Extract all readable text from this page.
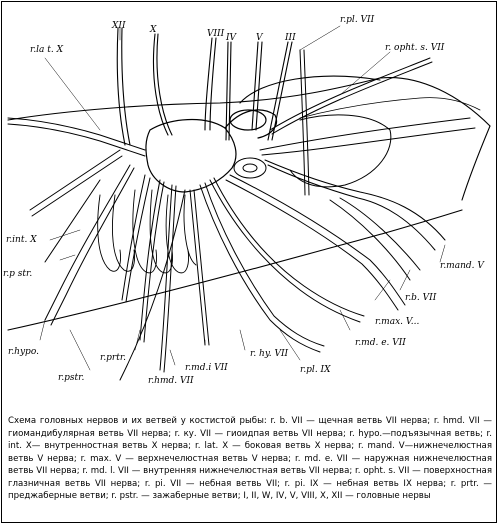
r.la t. X
XII	X	VIII IV V	III
r.pl. VII
r. opht. s. VII
r.int. X
r.p str.
r.hypo.
r.pstr.
r.prtr.
r.hmd. VII
r.md.i VII
r. hy. VII
r.pl. IX
r.md. e. VII
r.max. V...
r.b. VII
r.mand. V
Схема головных нервов и их ветвей у костистой рыбы: r. b. VII — щечная ветвь VII нерва; r. hmd. VII — гиомандибулярная ветвь VII нерва; r. ку. VII — гиоидпая ветвь VII нерва; r. hypo.—подъязычная ветвь; r. int. X— внутренностная ветвь X нерва; r. lat. X — боковая ветвь X нерва; r. mand. V—нижнечелюстная ветвь V нерва; r. max. V — верхнечелюстная ветвь V нерва; r. md. e. VII — наружная нижнечелюстная ветвь VII нерва; r. md. l. VII — внутренняя нижнечелюстная ветвь VII нерва; r. opht. s. VII — поверхностная глазничная ветвь VII нерва; r. pi. VII — небная ветвь VII; r. pi. IX — небная ветвь IX нерва; r. prtr. — преджаберные ветви; r. pstr. — зажаберные ветви; I, II, W, IV, V, VIII, X, XII — головные нервы
